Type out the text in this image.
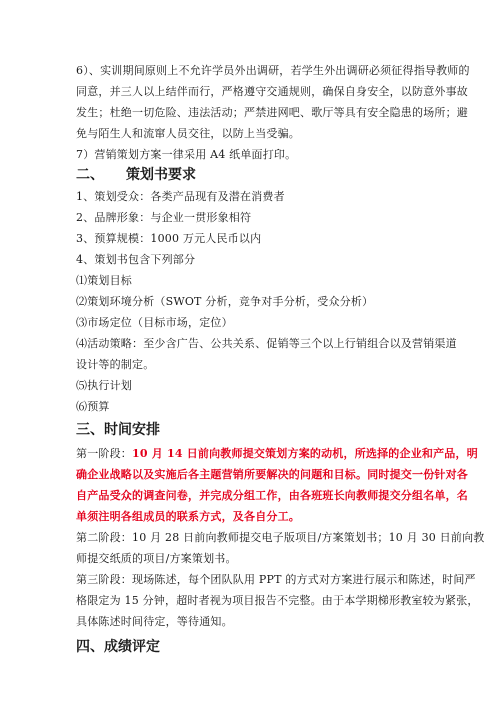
6）、实训期间原则上不允许学员外出调研，若学生外出调研必须征得指导教师的
同意，并三人以上结伴而行，严格遵守交通规则，确保自身安全，以防意外事故
发生；杜绝一切危险、违法活动；严禁进网吧、歌厅等具有安全隐患的场所；避
免与陌生人和流窜人员交往，以防上当受骗。
7）营销策划方案一律采用 A4 纸单面打印。
二、 策划书要求
1、策划受众：各类产品现有及潜在消费者
2、品牌形象：与企业一贯形象相符
3、预算规模：1000 万元人民币以内
4、策划书包含下列部分
⑴策划目标
⑵策划环境分析（SWOT 分析，竞争对手分析，受众分析）
⑶市场定位（目标市场，定位）
⑷活动策略：至少含广告、公共关系、促销等三个以上行销组合以及营销渠道
设计等的制定。
⑸执行计划
⑹预算
三、时间安排
第一阶段：10 月 14 日前向教师提交策划方案的动机，所选择的企业和产品，明
确企业战略以及实施后各主题营销所要解决的问题和目标。同时提交一份针对各
自产品受众的调查问卷，并完成分组工作，由各班班长向教师提交分组名单，名
单须注明各组成员的联系方式，及各自分工。
第二阶段：10 月 28 日前向教师提交电子版项目/方案策划书；10 月 30 日前向教
师提交纸质的项目/方案策划书。
第三阶段：现场陈述，每个团队队用 PPT 的方式对方案进行展示和陈述，时间严
格限定为 15 分钟，超时者视为项目报告不完整。由于本学期梯形教室较为紧张，
具体陈述时间待定，等待通知。
四、成绩评定
